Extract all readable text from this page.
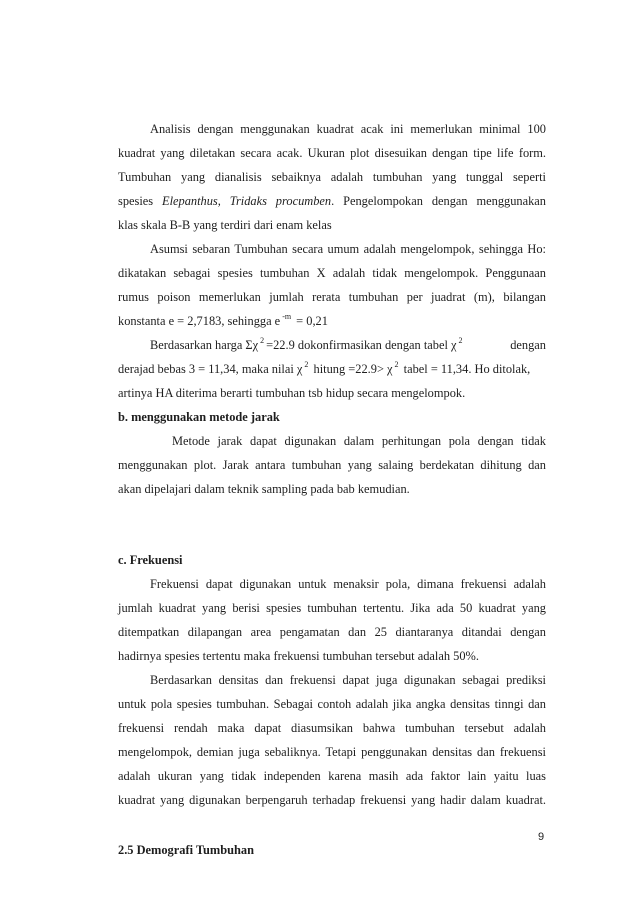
Analisis dengan menggunakan kuadrat acak ini memerlukan minimal 100
kuadrat yang diletakan secara acak. Ukuran plot disesuikan dengan tipe life form.
Tumbuhan yang dianalisis sebaiknya adalah tumbuhan yang tunggal seperti
spesies Elepanthus, Tridaks procumben. Pengelompokan dengan menggunakan
klas skala B-B yang terdiri dari enam kelas
Asumsi sebaran Tumbuhan secara umum adalah mengelompok, sehingga Ho:
dikatakan sebagai spesies tumbuhan X adalah tidak mengelompok. Penggunaan
rumus poison memerlukan jumlah rerata tumbuhan per juadrat (m), bilangan
konstanta e = 2,7183, sehingga e $^{-m}$ = 0,21
Berdasarkan harga Σχ $^2$ =22.9 dokonfirmasikan dengan tabel χ $^2$	dengan
derajad bebas 3 = 11,34, maka nilai χ $^2$ hitung =22.9> χ $^2$ tabel = 11,34. Ho ditolak,
artinya HA diterima berarti tumbuhan tsb hidup secara mengelompok.
b. menggunakan metode jarak
Metode jarak dapat digunakan dalam perhitungan pola dengan tidak
menggunakan plot. Jarak antara tumbuhan yang salaing berdekatan dihitung dan
akan dipelajari dalam teknik sampling pada bab kemudian.
c. Frekuensi
Frekuensi dapat digunakan untuk menaksir pola, dimana frekuensi adalah
jumlah kuadrat yang berisi spesies tumbuhan tertentu. Jika ada 50 kuadrat yang
ditempatkan dilapangan area pengamatan dan 25 diantaranya ditandai dengan
hadirnya spesies tertentu maka frekuensi tumbuhan tersebut adalah 50%.
Berdasarkan densitas dan frekuensi dapat juga digunakan sebagai prediksi
untuk pola spesies tumbuhan. Sebagai contoh adalah jika angka densitas tinngi dan
frekuensi rendah maka dapat diasumsikan bahwa tumbuhan tersebut adalah
mengelompok, demian juga sebaliknya. Tetapi penggunakan densitas dan frekuensi
adalah ukuran yang tidak independen karena masih ada faktor lain yaitu luas
kuadrat yang digunakan berpengaruh terhadap frekuensi yang hadir dalam kuadrat.
2.5 Demografi Tumbuhan
9
